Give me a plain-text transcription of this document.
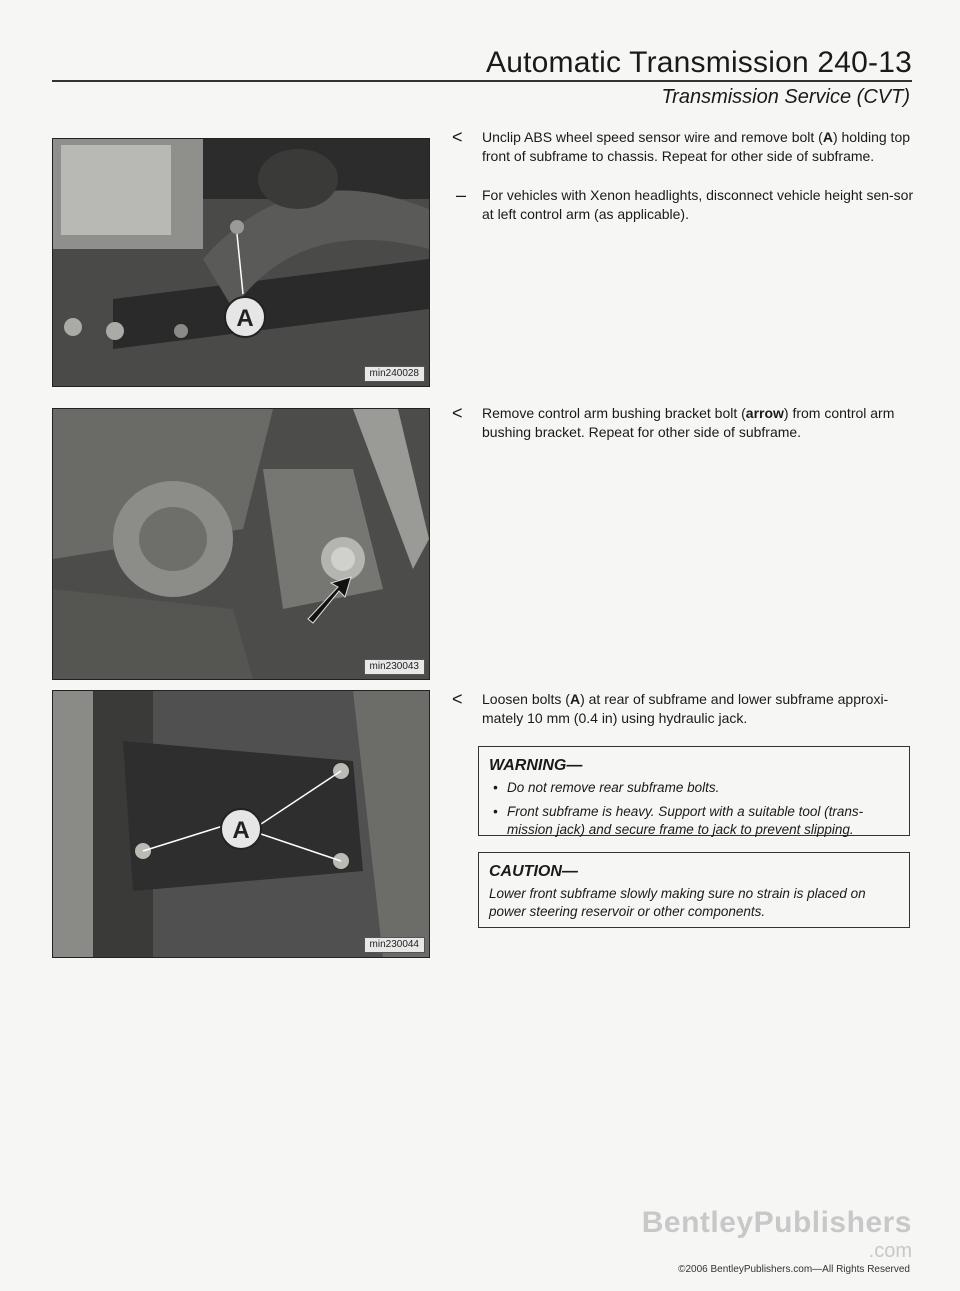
Automatic Transmission 240-13
Transmission Service (CVT)
A
min240028
min230043
A
min230044
<	Unclip ABS wheel speed sensor wire and remove bolt (A) holding top front of subframe to chassis. Repeat for other side of subframe.
–	For vehicles with Xenon headlights, disconnect vehicle height sen-sor at left control arm (as applicable).
<	Remove control arm bushing bracket bolt (arrow) from control arm bushing bracket. Repeat for other side of subframe.
<	Loosen bolts (A) at rear of subframe and lower subframe approxi-mately 10 mm (0.4 in) using hydraulic jack.
WARNING—
• Do not remove rear subframe bolts.
• Front subframe is heavy. Support with a suitable tool (trans-mission jack) and secure frame to jack to prevent slipping.
CAUTION—

Lower front subframe slowly making sure no strain is placed on power steering reservoir or other components.

BentleyPublishers
.com
©2006 BentleyPublishers.com—All Rights Reserved
